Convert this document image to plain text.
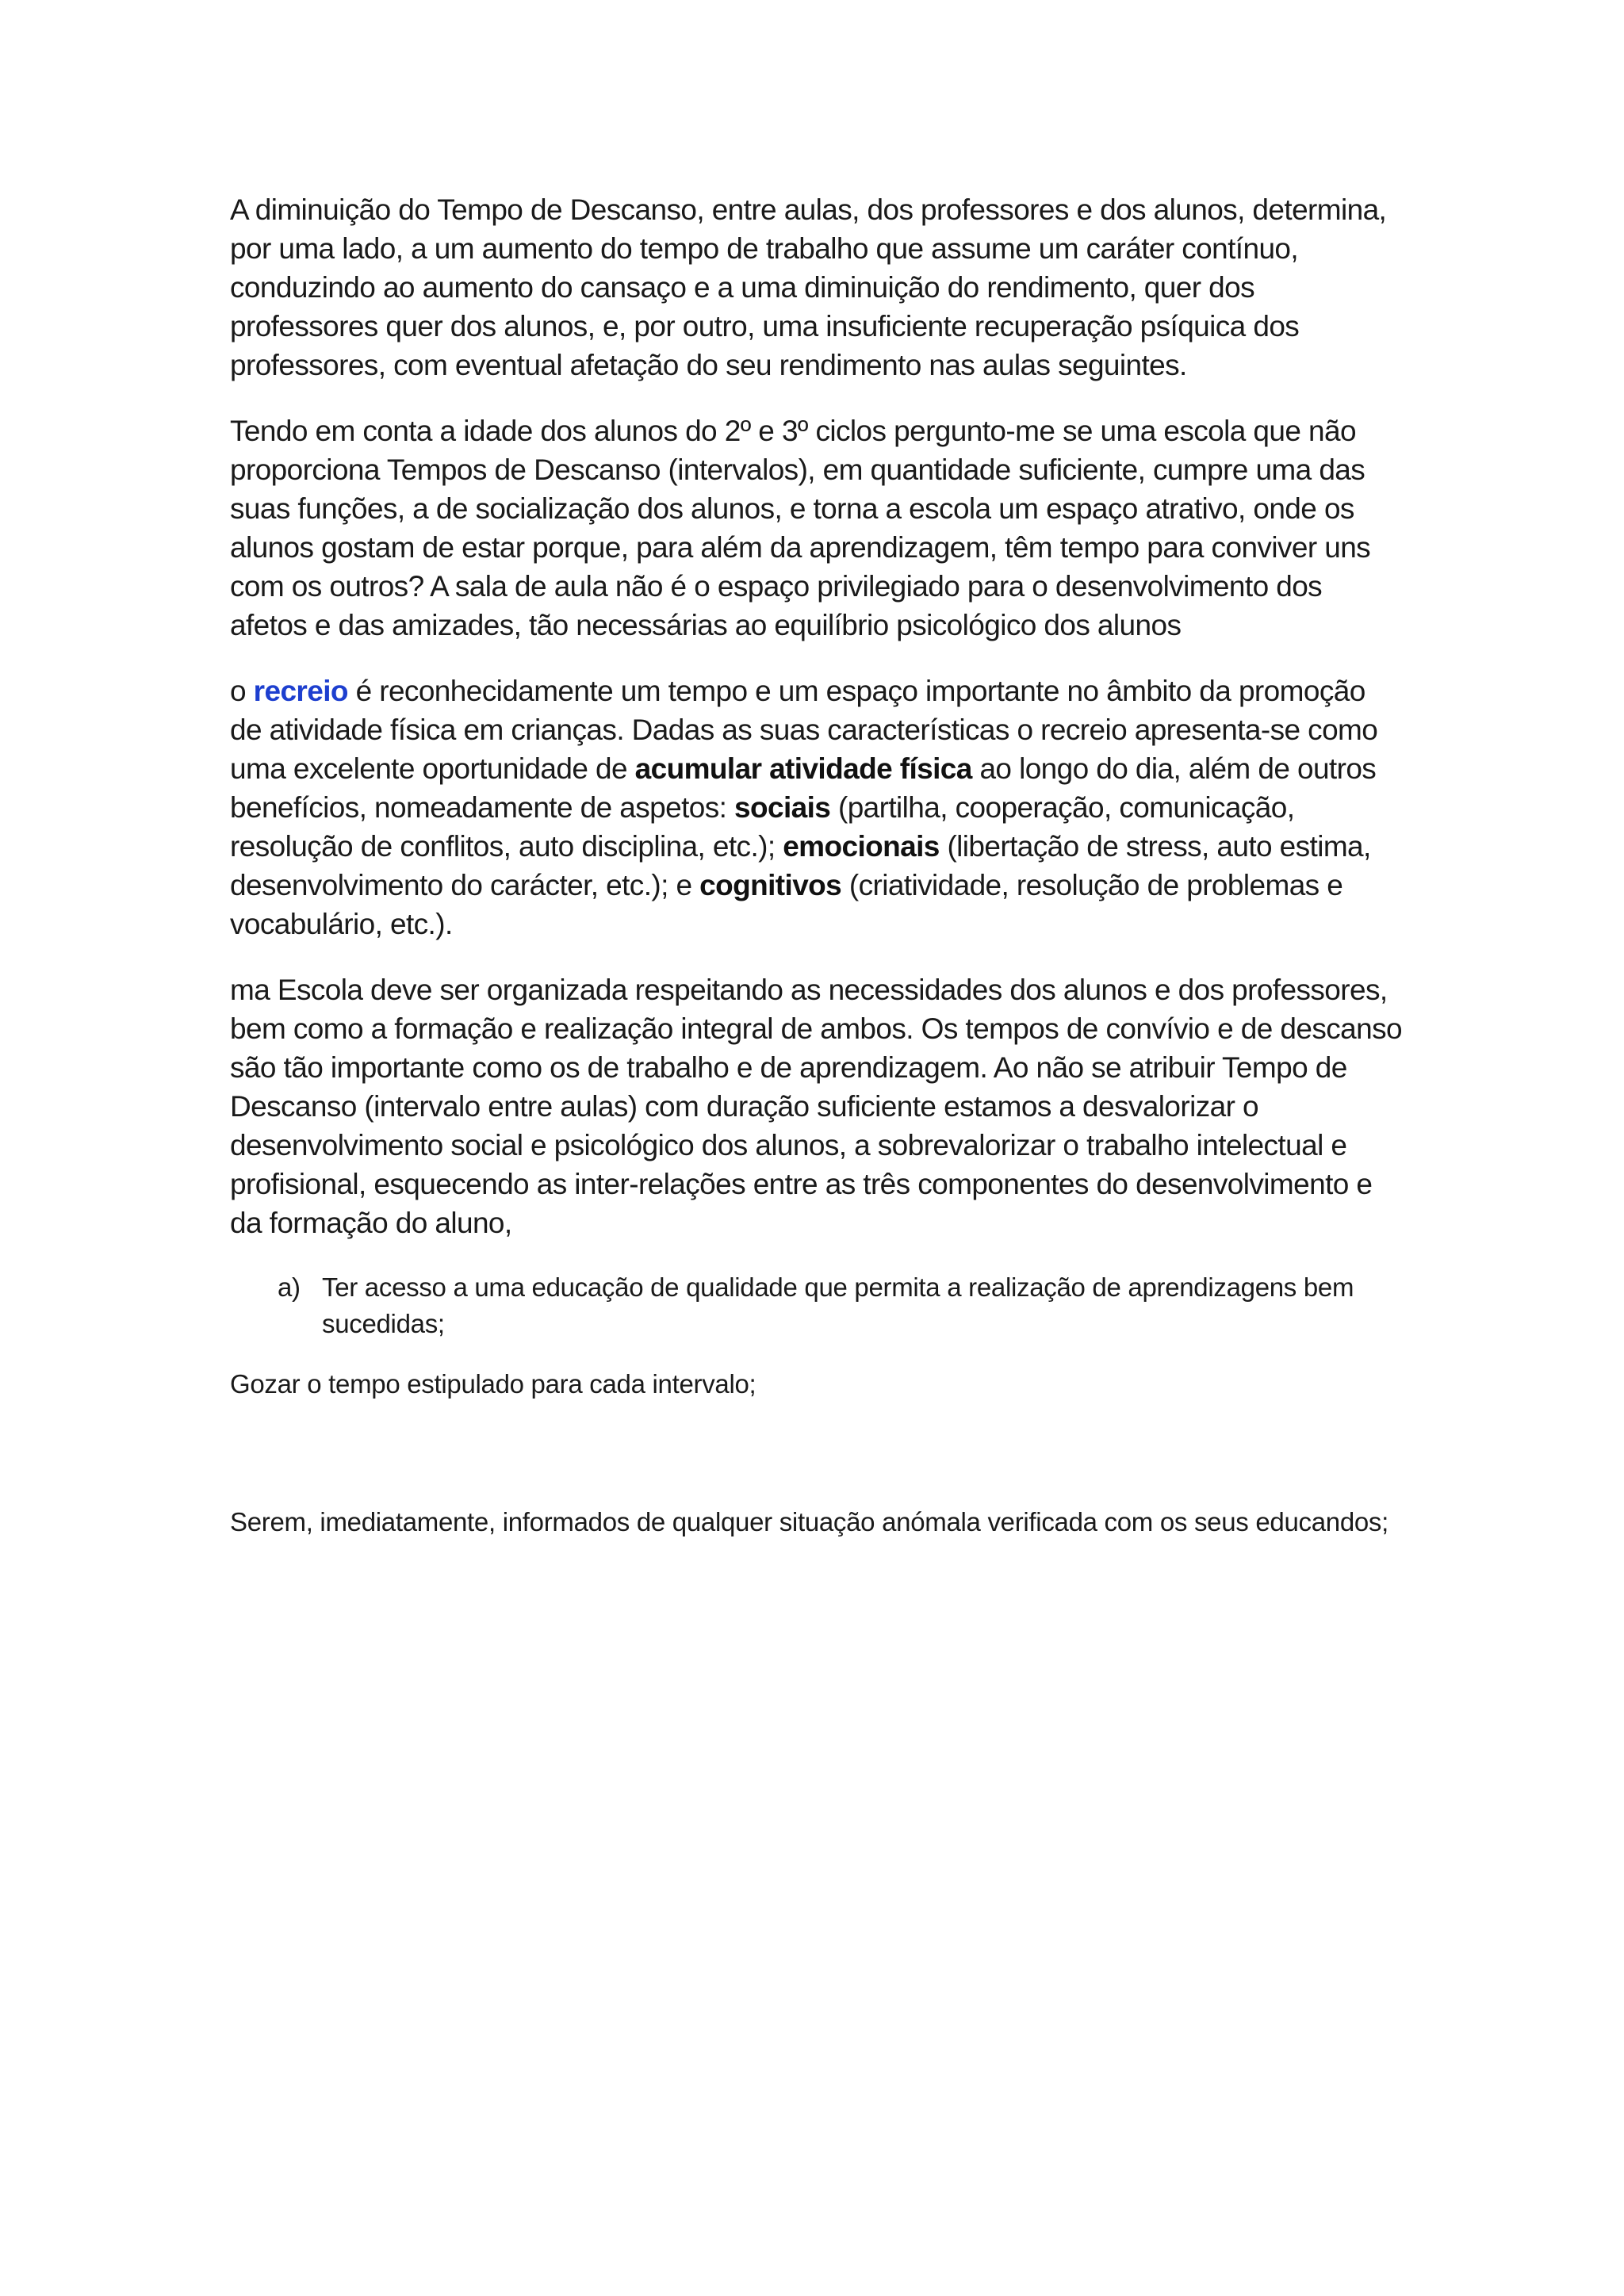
A diminuição do Tempo de Descanso, entre aulas, dos professores e dos alunos, determina, por uma lado, a um aumento do tempo de trabalho que assume um caráter contínuo, conduzindo ao aumento do cansaço e a uma diminuição do rendimento, quer dos professores quer dos alunos, e, por outro, uma insuficiente recuperação psíquica dos professores, com eventual afetação do seu rendimento nas aulas seguintes.

Tendo em conta a idade dos alunos do 2º e 3º ciclos pergunto-me se uma escola que não proporciona Tempos de Descanso (intervalos), em quantidade suficiente, cumpre uma das suas funções, a de socialização dos alunos, e torna a escola um espaço atrativo, onde os alunos gostam de estar porque, para além da aprendizagem, têm tempo para conviver uns com os outros? A sala de aula não é o espaço privilegiado para o desenvolvimento dos afetos e das amizades, tão necessárias ao equilíbrio psicológico dos alunos

o recreio é reconhecidamente um tempo e um espaço importante no âmbito da promoção de atividade física em crianças. Dadas as suas características o recreio apresenta-se como uma excelente oportunidade de acumular atividade física ao longo do dia, além de outros benefícios, nomeadamente de aspetos: sociais (partilha, cooperação, comunicação, resolução de conflitos, auto disciplina, etc.); emocionais (libertação de stress, auto estima, desenvolvimento do carácter, etc.); e cognitivos (criatividade, resolução de problemas e vocabulário, etc.).

ma Escola deve ser organizada respeitando as necessidades dos alunos e dos professores, bem como a formação e realização integral de ambos. Os tempos de convívio e de descanso são tão importante como os de trabalho e de aprendizagem. Ao não se atribuir Tempo de Descanso (intervalo entre aulas) com duração suficiente estamos a desvalorizar o desenvolvimento social e psicológico dos alunos, a sobrevalorizar o trabalho intelectual e profisional, esquecendo as inter-relações entre as três componentes do desenvolvimento e da formação do aluno,

a) Ter acesso a uma educação de qualidade que permita a realização de aprendizagens bem sucedidas;

Gozar o tempo estipulado para cada intervalo;

Serem, imediatamente, informados de qualquer situação anómala verificada com os seus educandos;
